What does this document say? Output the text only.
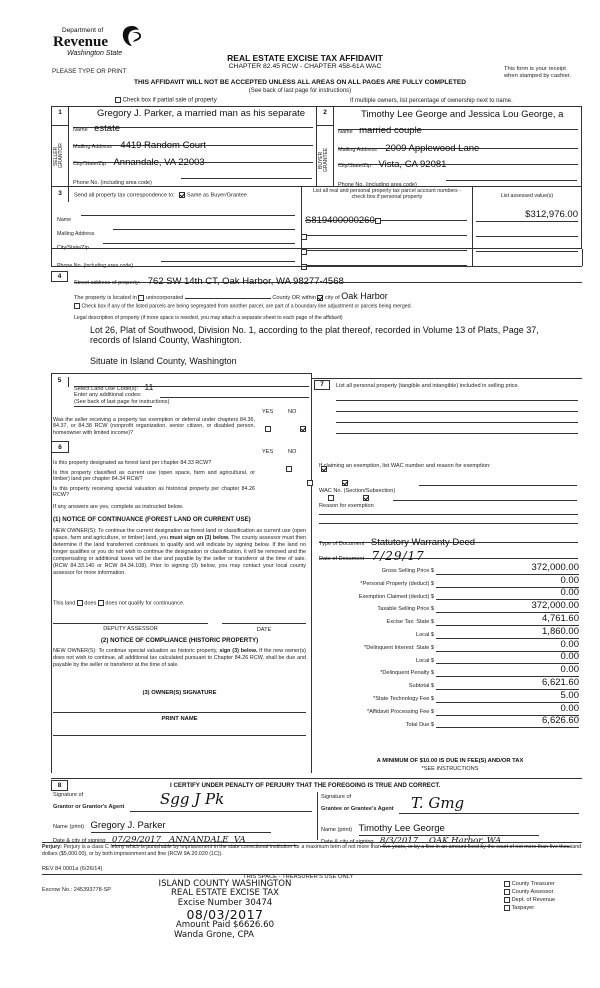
Department of
Revenue
Washington State
PLEASE TYPE OR PRINT
REAL ESTATE EXCISE TAX AFFIDAVIT
CHAPTER 82.45 RCW - CHAPTER 458-61A WAC	This form is your receipt
when stamped by cashier.
THIS AFFIDAVIT WILL NOT BE ACCEPTED UNLESS ALL AREAS ON ALL PAGES ARE FULLY COMPLETED
(See back of last page for instructions)
Check box if partial sale of property	If multiple owners, list percentage of ownership next to name.
1
SELLER GRANTOR
Gregory J. Parker, a married man as his separate
Name estate
Mailing Address 4419 Random Court
City/State/Zip Annandale, VA 22003
Phone No. (including area code)
2
BUYER GRANTEE
Timothy Lee George and Jessica Lou George, a
Name married couple
Mailing Address 2009 Applewood Lane
City/State/Zip Vista, CA 92081
Phone No. (including area code)
3	Send all property tax correspondence to: Same as Buyer/Grantee
List all real and personal property tax parcel account numbers - check box if personal property	List assessed value(s)
Name
Mailing Address
City/State/Zip
Phone No. (including area code)
S819400000260
$312,976.00
4
Street address of property: 762 SW 14th CT, Oak Harbor, WA 98277-4568
The property is located in unincorporated	County OR within city of Oak Harbor
Check box if any of the listed parcels are being segregated from another parcel, are part of a boundary line adjustment or parcels being merged.
Legal description of property (if more space is needed, you may attach a separate sheet to each page of the affidavit)
Lot 26, Plat of Southwood, Division No. 1, according to the plat thereof, recorded in Volume 13 of Plats, Page 37,
records of Island County, Washington.
Situate in Island County, Washington
5
Select Land Use Code(s): 11
Enter any additional codes:
(See back of last page for instructions)
YES	NO
Was the seller receiving a property tax exemption or deferral under chapters 84.36, 84.37, or 84.38 RCW (nonprofit organization, senior citizen, or disabled person, homeowner with limited income)?

6
YES	NO
Is this property designated as forest land per chapter 84.33 RCW?

Is this property classified as current use (open space, farm and agricultural, or timber) land per chapter 84.34 RCW?

Is this property receiving special valuation as historical property per chapter 84.26 RCW?

If any answers are yes, complete as instructed below.
(1) NOTICE OF CONTINUANCE (FOREST LAND OR CURRENT USE)
NEW OWNER(S): To continue the current designation as forest land or classification as current use (open space, farm and agriculture, or timber) land, you must sign on (3) below. The county assessor must then determine if the land transferred continues to qualify and will indicate by signing below. If the land no longer qualifies or you do not wish to continue the designation or classification, it will be removed and the compensating or additional taxes will be due and payable by the seller or transferor at the time of sale. (RCW 84.33.140 or RCW 84.34.108). Prior to signing (3) below, you may contact your local county assessor for more information.
This land does does not qualify for continuance.
DEPUTY ASSESSOR	DATE
(2) NOTICE OF COMPLIANCE (HISTORIC PROPERTY)
NEW OWNER(S): To continue special valuation as historic property, sign (3) below. If the new owner(s) does not wish to continue, all additional tax calculated pursuant to Chapter 84.26 RCW, shall be due and payable by the seller or transferor at the time of sale.
(3) OWNER(S) SIGNATURE
PRINT NAME
7	List all personal property (tangible and intangible) included in selling price.
If claiming an exemption, list WAC number and reason for exemption:
WAC No. (Section/Subsection)
Reason for exemption
Type of Document Statutory Warranty Deed
Date of Document 7/29/17
Gross Selling Price $	372,000.00
*Personal Property (deduct) $	0.00
Exemption Claimed (deduct) $	0.00
Taxable Selling Price $	372,000.00
Excise Tax: State $	4,761.60
Local $	1,860.00
*Delinquent Interest: State $	0.00
Local $	0.00
*Delinquent Penalty $	0.00
Subtotal $	6,621.60
*State Technology Fee $	5.00
*Affidavit Processing Fee $	0.00
Total Due $	6,626.60
A MINIMUM OF $10.00 IS DUE IN FEE(S) AND/OR TAX
*SEE INSTRUCTIONS
8	I CERTIFY UNDER PENALTY OF PERJURY THAT THE FOREGOING IS TRUE AND CORRECT.
Signature of
Grantor or Grantor's Agent Sgg J Pk
Name (print) Gregory J. Parker
Date & city of signing 07/29/2017   ANNANDALE  VA
Signature of
Grantee or Grantee's Agent T. Gmg
Name (print) Timothy Lee George
Date & city of signing 8/3/2017    OAK Harbor, WA
Perjury: Perjury is a class C felony which is punishable by imprisonment in the state correctional institution for a maximum term of not more than five years, or by a fine in an amount fixed by the court of not more than five thousand dollars ($5,000.00), or by both imprisonment and fine (RCW 9A.20.020 (1C)).
REV 84 0001a (6/26/14)
THIS SPACE - TREASURER'S USE ONLY
Escrow No.: 245393778-SP
ISLAND COUNTY WASHINGTON
REAL ESTATE EXCISE TAX
Excise Number 30474
08/03/2017
Amount Paid $6626.60
Wanda Grone, CPA
County Treasurer
County Assessor
Dept. of Revenue
Taxpayer
